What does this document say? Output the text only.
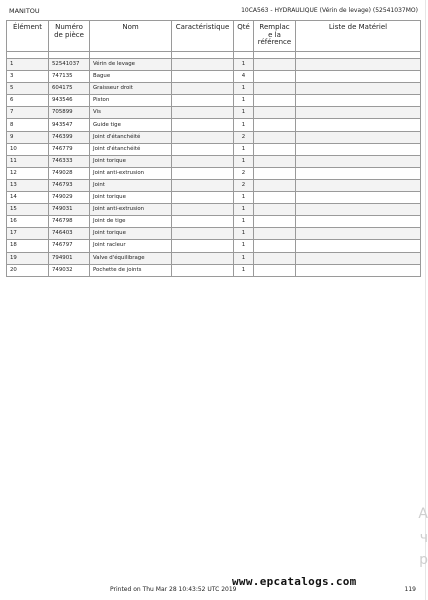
MANITOU	10CA563 - HYDRAULIQUE (Vérin de levage) (52541037MO)
Élément	Numéro de pièce	Nom	Caractéristique	Qté	Remplac e la référence	Liste de Matériel

1	52541037	Vérin de levage		1		
3	747135	Bague		4		
5	604175	Graisseur droit		1		
6	943546	Piston		1		
7	705899	Vis		1		
8	943547	Guide tige		1		
9	746399	Joint d'étanchéité		2		
10	746779	Joint d'étanchéité		1		
11	746333	Joint torique		1		
12	749028	Joint anti-extrusion		2		
13	746793	Joint		2		
14	749029	Joint torique		1		
15	749031	Joint anti-extrusion		1		
16	746798	Joint de tige		1		
17	746403	Joint torique		1		
18	746797	Joint racleur		1		
19	794901	Valve d'équilibrage		1		
20	749032	Pochette de joints		1		
Printed on Thu Mar 28 10:43:52 UTC 2019	119
www.epcatalogs.com
A
ч
p
